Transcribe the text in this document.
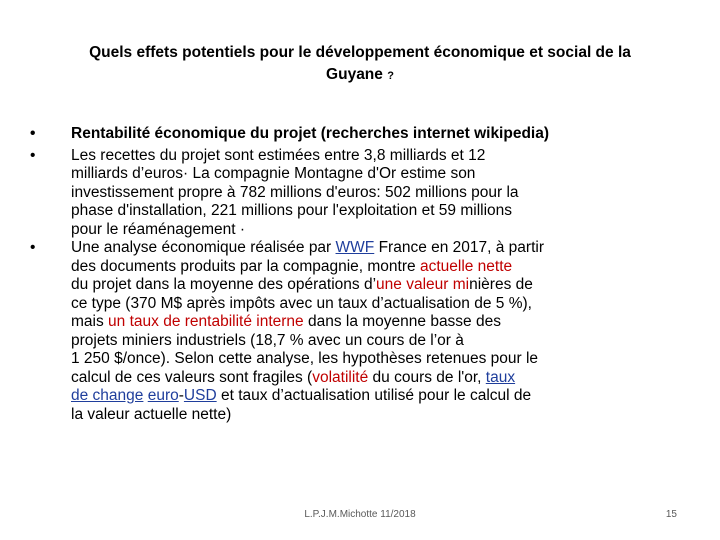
Quels effets potentiels pour le développement économique et social de la
Guyane ?
• Rentabilité économique du projet (recherches internet wikipedia)
• Les recettes du projet sont estimées entre 3,8 milliards et 12
milliards d’euros· La compagnie Montagne d'Or estime son
investissement propre à 782 millions d'euros: 502 millions pour la
phase d'installation, 221 millions pour l'exploitation et 59 millions
pour le réaménagement ·
• Une analyse économique réalisée par WWF France en 2017, à partir
des documents produits par la compagnie, montre actuelle nette
du projet dans la moyenne des opérations d’une valeur minières de
ce type (370 M$ après impôts avec un taux d’actualisation de 5 %),
mais un taux de rentabilité interne dans la moyenne basse des
projets miniers industriels (18,7 % avec un cours de l’or à
1 250 $/once). Selon cette analyse, les hypothèses retenues pour le
calcul de ces valeurs sont fragiles (volatilité du cours de l'or, taux
de change euro-USD et taux d’actualisation utilisé pour le calcul de
la valeur actuelle nette)
L.P.J.M.Michotte 11/2018	15
